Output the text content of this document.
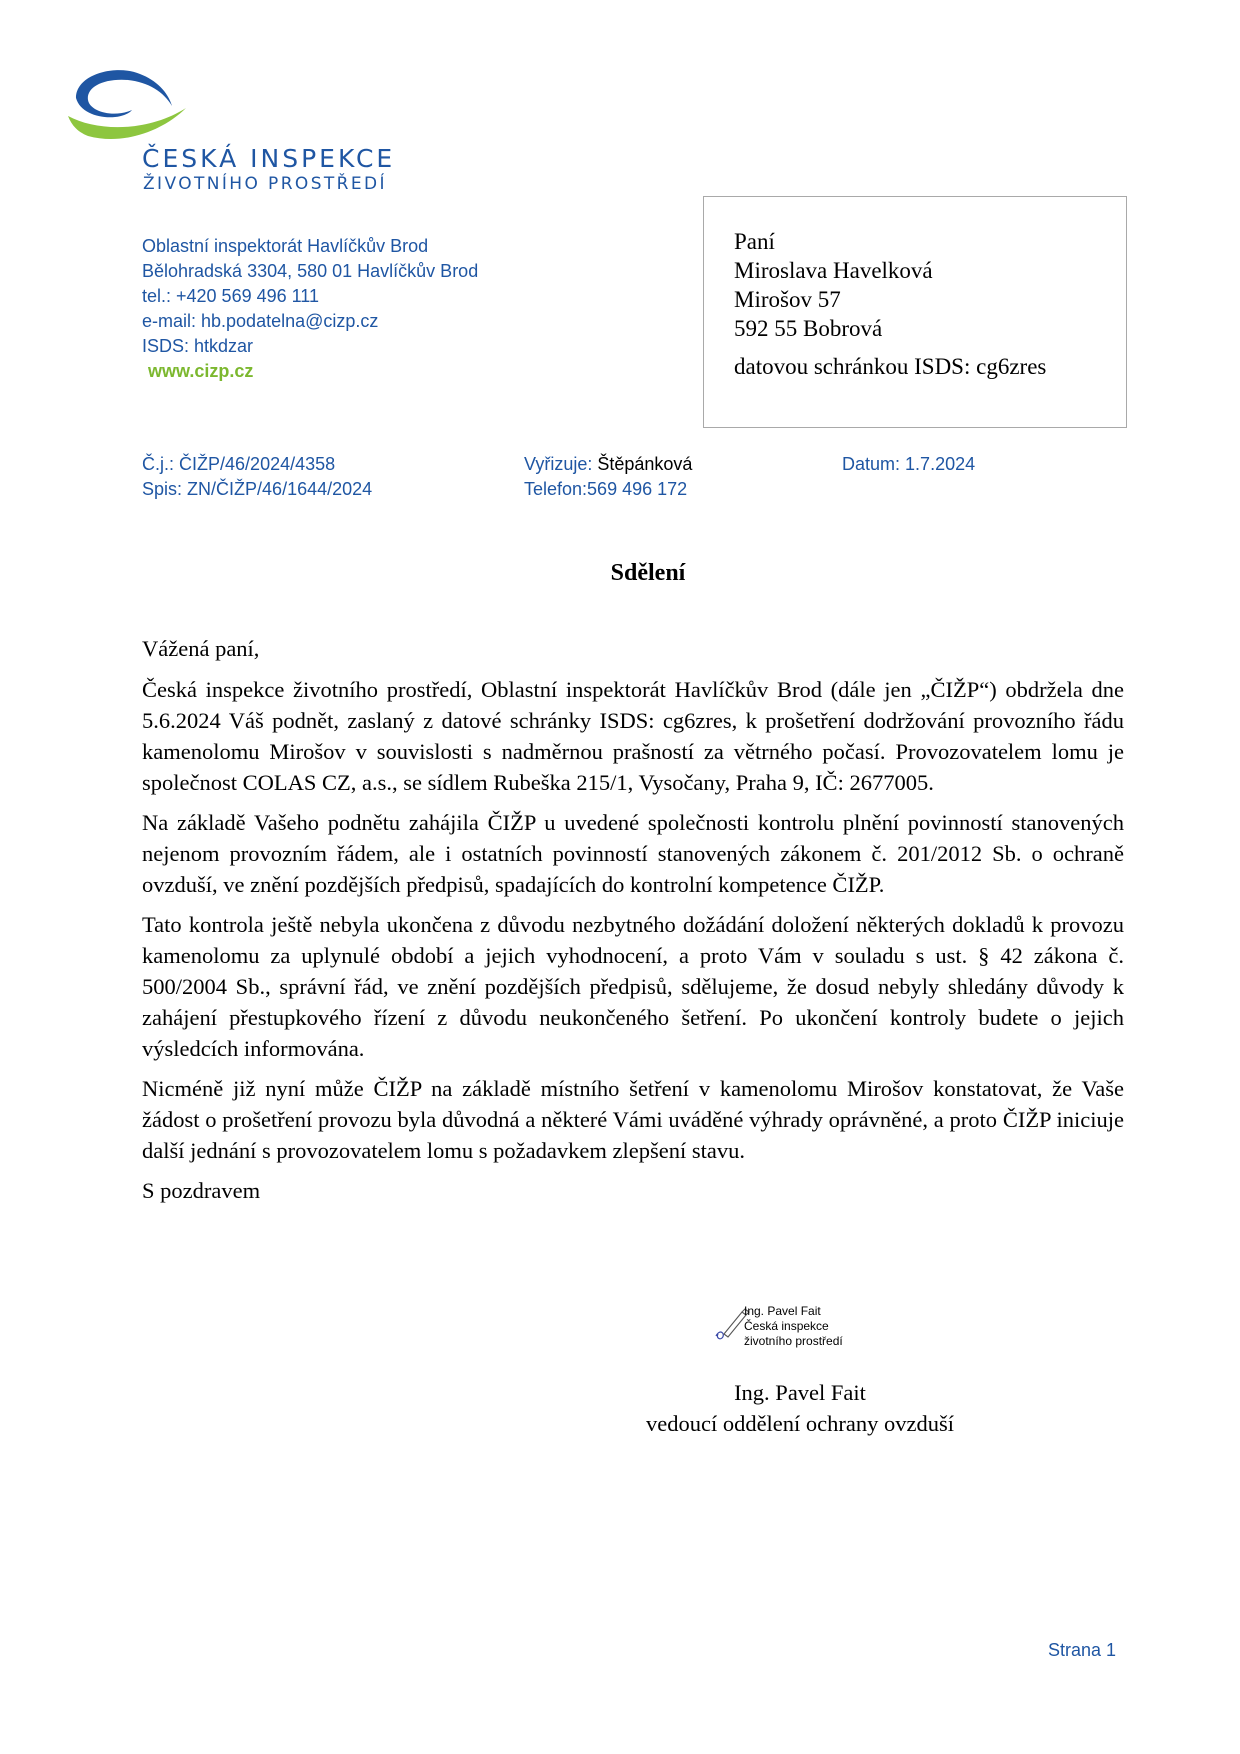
ČESKÁ INSPEKCE
ŽIVOTNÍHO PROSTŘEDÍ
Oblastní inspektorát Havlíčkův Brod
Bělohradská 3304, 580 01 Havlíčkův Brod
tel.: +420 569 496 111
e-mail: hb.podatelna@cizp.cz
ISDS: htkdzar
www.cizp.cz
Paní
Miroslava Havelková
Mirošov 57
592 55 Bobrová
datovou schránkou ISDS: cg6zres
Č.j.: ČIŽP/46/2024/4358
Spis: ZN/ČIŽP/46/1644/2024
Vyřizuje: Štěpánková
Telefon:569 496 172
Datum: 1.7.2024
Sdělení

Vážená paní,

Česká inspekce životního prostředí, Oblastní inspektorát Havlíčkův Brod (dále jen „ČIŽP“) obdržela dne 5.6.2024 Váš podnět, zaslaný z datové schránky ISDS: cg6zres, k prošetření dodržování provozního řádu kamenolomu Mirošov v souvislosti s nadměrnou prašností za větrného počasí. Provozovatelem lomu je společnost COLAS CZ, a.s., se sídlem Rubeška 215/1, Vysočany, Praha 9, IČ: 2677005.

Na základě Vašeho podnětu zahájila ČIŽP u uvedené společnosti kontrolu plnění povinností stanovených nejenom provozním řádem, ale i ostatních povinností stanovených zákonem č. 201/2012 Sb. o ochraně ovzduší, ve znění pozdějších předpisů, spadajících do kontrolní kompetence ČIŽP.

Tato kontrola ještě nebyla ukončena z důvodu nezbytného dožádání doložení některých dokladů k provozu kamenolomu za uplynulé období a jejich vyhodnocení, a proto Vám v souladu s ust. § 42 zákona č. 500/2004 Sb., správní řád, ve znění pozdějších předpisů, sdělujeme, že dosud nebyly shledány důvody k zahájení přestupkového řízení z důvodu neukončeného šetření. Po ukončení kontroly budete o jejich výsledcích informována.

Nicméně již nyní může ČIŽP na základě místního šetření v kamenolomu Mirošov konstatovat, že Vaše žádost o prošetření provozu byla důvodná a některé Vámi uváděné výhrady oprávněné, a proto ČIŽP iniciuje další jednání s provozovatelem lomu s požadavkem zlepšení stavu.

S pozdravem

Ing. Pavel Fait
Česká inspekce
životního prostředí
Ing. Pavel Fait
vedoucí oddělení ochrany ovzduší
Strana 1
